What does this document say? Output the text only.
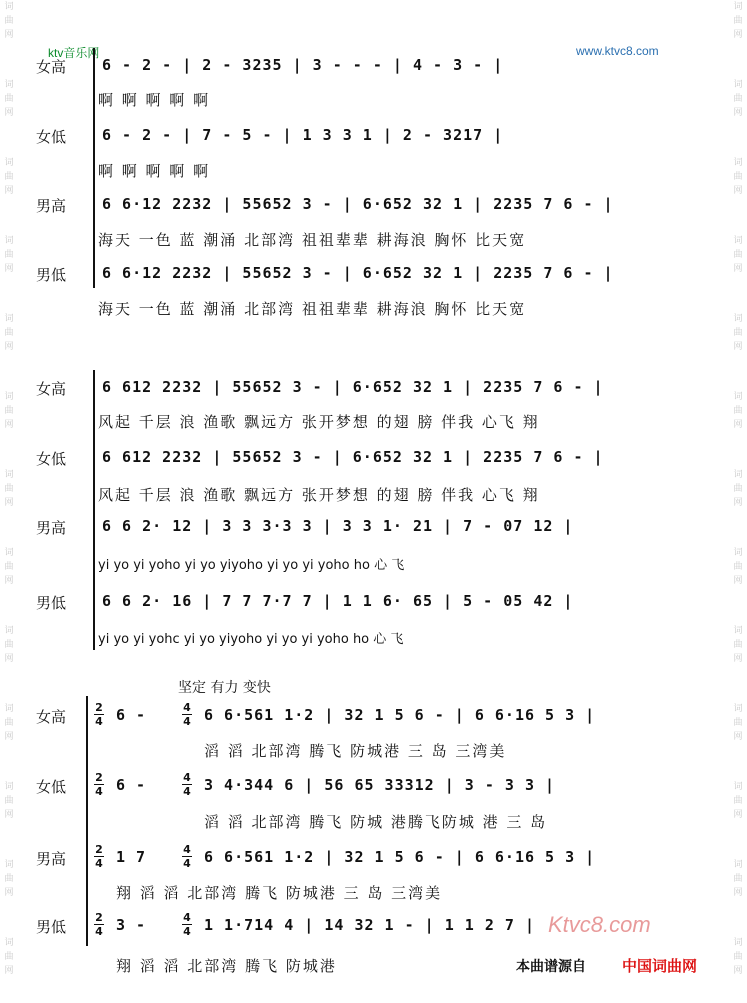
词曲网
词曲网
词曲网
词曲网
词曲网
词曲网
词曲网
词曲网
词曲网
词曲网
词曲网
词曲网
词曲网
词曲网
词曲网
词曲网
词曲网
词曲网
词曲网
词曲网
词曲网
词曲网
词曲网
词曲网
词曲网
词曲网
ktv音乐网	www.ktvc8.com
女高 6 - 2 - | 2 - 3235 | 3 - - - | 4 - 3 - |
啊 啊 啊 啊 啊
女低 6 - 2 - | 7 - 5 - | 1 3 3 1 | 2 - 3217 |
啊 啊 啊 啊 啊
男高 6 6·12 2232 | 55652 3 - | 6·652 32 1 | 2235 7 6 - |
海天 一色 蓝 潮涌 北部湾 祖祖辈辈 耕海浪 胸怀 比天宽
男低 6 6·12 2232 | 55652 3 - | 6·652 32 1 | 2235 7 6 - |
海天 一色 蓝 潮涌 北部湾 祖祖辈辈 耕海浪 胸怀 比天宽
女高 6 612 2232 | 55652 3 - | 6·652 32 1 | 2235 7 6 - |
风起 千层 浪 渔歌 飘远方 张开梦想 的翅 膀 伴我 心飞 翔
女低 6 612 2232 | 55652 3 - | 6·652 32 1 | 2235 7 6 - |
风起 千层 浪 渔歌 飘远方 张开梦想 的翅 膀 伴我 心飞 翔
男高 6 6 2· 12 | 3 3 3·3 3 | 3 3 1· 21 | 7 - 07 12 |
yi yo yi yoho yi yo yiyoho yi yo yi yoho ho 心 飞
男低 6 6 2· 16 | 7 7 7·7 7 | 1 1 6· 65 | 5 - 05 42 |
yi yo yi yohc yi yo yiyoho yi yo yi yoho ho 心 飞
坚定 有力 变快
女高
2
4 6 -	4
4 6 6·561 1·2 | 32 1 5 6 - | 6 6·16 5 3 |
滔 滔 北部湾 腾飞 防城港 三 岛 三湾美
女低
2
4 6 -	4
4 3 4·344 6 | 56 65 33312 | 3 - 3 3 |
滔 滔 北部湾 腾飞 防城 港腾飞防城 港 三 岛
男高
2
4 1 7	4
4 6 6·561 1·2 | 32 1 5 6 - | 6 6·16 5 3 |
翔 滔 滔 北部湾 腾飞 防城港 三 岛 三湾美
男低
2
4 3 -	4
4 1 1·714 4 | 14 32 1 - | 1 1 2 7 |
翔 滔 滔 北部湾 腾飞 防城港
Ktvc8.com
本曲谱源自 中国词曲网
